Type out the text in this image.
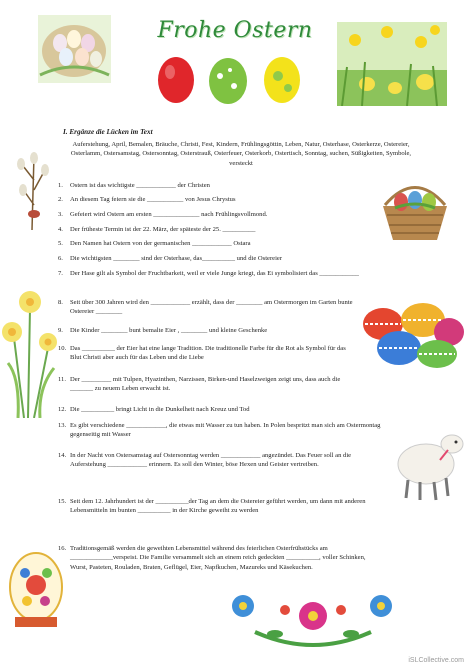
Frohe Ostern
I. Ergänze die Lücken im Text
Auferstehung, April, Bemalen, Bräuche, Christi, Fest, Kindern, Frühlingsgöttin, Leben, Natur, Osterhase, Osterkerze, Ostereier, Osterlamm, Ostersamstag, Ostersonntag, Osterstrauß, Osterfeuer, Osterkorb, Ostertisch, Sonntag, suchen, Süßigkeiten, Symbole, versteckt
1.	Ostern ist das wichtigste ____________ der Christen
2.	An diesem Tag feiern sie die ___________ von Jesus Chrystus
3.	Gefeiert wird Ostern am ersten ______________ nach Frühlingsvollmond.
4.	Der früheste Termin ist der 22. März, der späteste der 25. __________
5.	Den Namen hat Ostern von der germanischen ____________ Ostara
6.	Die wichtigsten ________ sind der Osterhase, das__________ und die Ostereier
7.	Der Hase gilt als Symbol der Fruchtbarkeit, weil er viele Junge kriegt, das Ei symbolisiert das ____________
8.	Seit über 300 Jahren wird den ____________ erzählt, dass der ________ am Ostermorgen im Garten bunte Ostereier ________
9.	Die Kinder ________ bunt bemalte Eier , ________ und kleine Geschenke
10. Das __________ der Eier hat eine lange Tradition. Die traditionelle Farbe für die Rot als Symbol für das Blut Christi aber auch für das Leben und die Liebe
11. Der _________ mit Tulpen, Hyazinthen, Narzissen, Birken-und Haselzweigen zeigt uns, dass auch die _______ zu neuem Leben erwacht ist.
12. Die __________ bringt Licht in die Dunkelheit nach Kreuz und Tod
13. Es gibt verschiedene ____________, die etwas mit Wasser zu tun haben. In Polen bespritzt man sich am Ostermontag gegenseitig mit Wasser
14. In der Nacht von Ostersamstag auf Ostersonntag werden ____________ angezündet. Das Feuer soll an die Auferstehung ____________ erinnern. Es soll den Winter, böse Hexen und Geister vertreiben.
15. Seit dem 12. Jahrhundert ist der __________der Tag an dem die Ostereier geführt werden, um dann mit anderen Lebensmitteln im bunten __________ in der Kirche geweiht zu werden
16. Traditionsgemäß werden die geweihten Lebensmittel während des feierlichen Osterfrühstücks am _____________verspeist. Die Familie versammelt sich an einem reich gedeckten __________, voller Schinken, Wurst, Pasteten, Rouladen, Braten, Geflügel, Eier, Napfkuchen, Mazureks und Käsekuchen.
iSLCollective.com
